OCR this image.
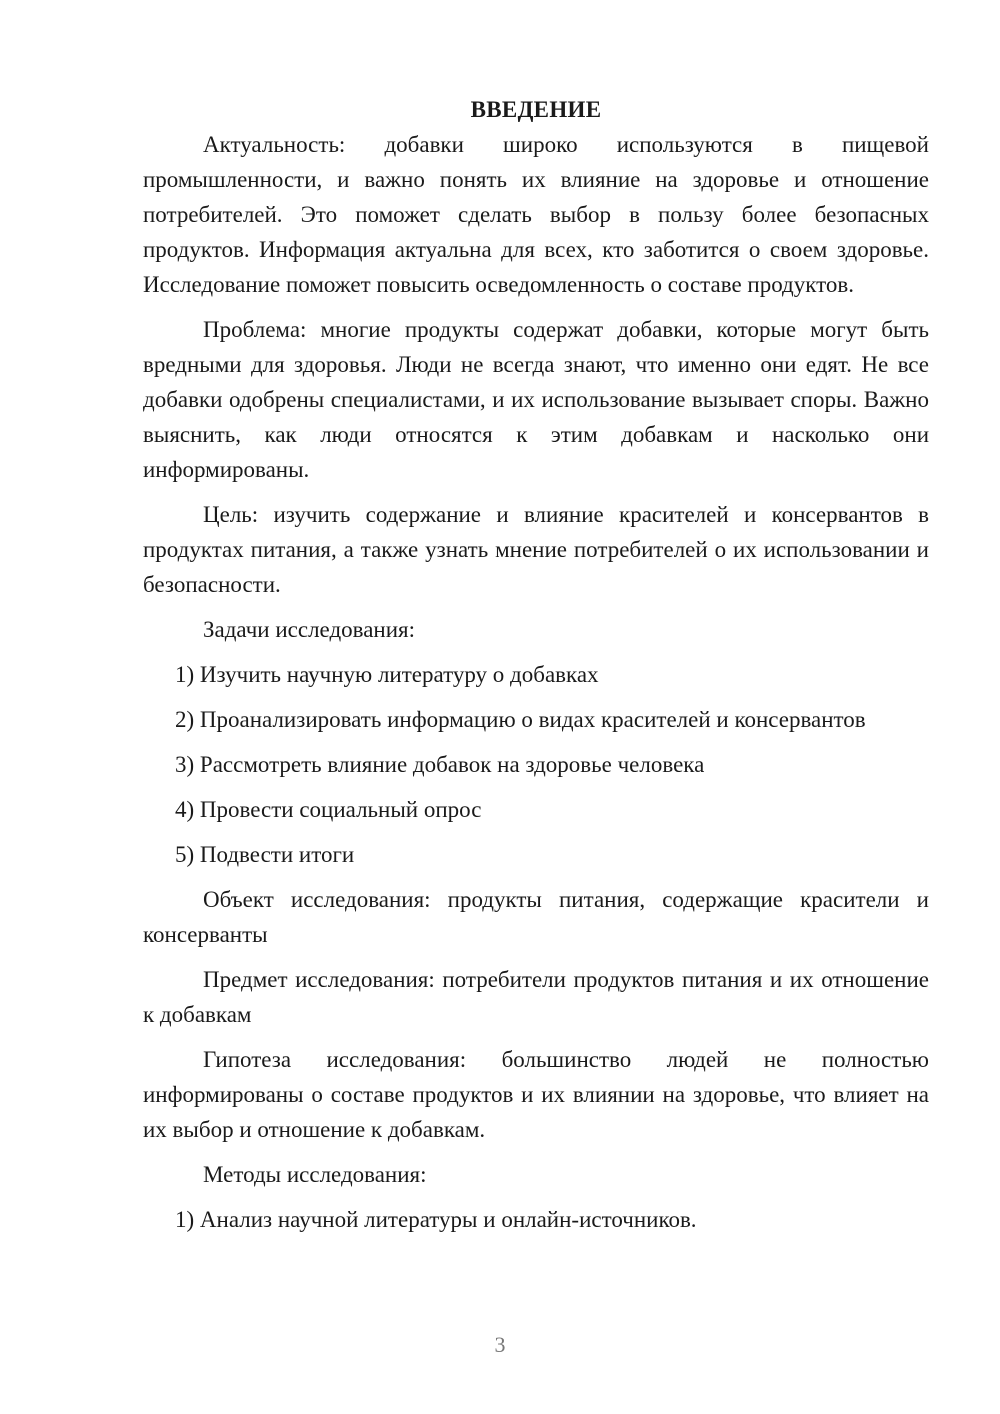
ВВЕДЕНИЕ

Актуальность: добавки широко используются в пищевой промышленности, и важно понять их влияние на здоровье и отношение потребителей. Это поможет сделать выбор в пользу более безопасных продуктов. Информация актуальна для всех, кто заботится о своем здоровье. Исследование поможет повысить осведомленность о составе продуктов.

Проблема: многие продукты содержат добавки, которые могут быть вредными для здоровья. Люди не всегда знают, что именно они едят. Не все добавки одобрены специалистами, и их использование вызывает споры. Важно выяснить, как люди относятся к этим добавкам и насколько они информированы.

Цель: изучить содержание и влияние красителей и консервантов в продуктах питания, а также узнать мнение потребителей о их использовании и безопасности.

Задачи исследования:

1) Изучить научную литературу о добавках
2) Проанализировать информацию о видах красителей и консервантов
3) Рассмотреть влияние добавок на здоровье человека
4) Провести социальный опрос
5) Подвести итоги

Объект исследования: продукты питания, содержащие красители и консерванты

Предмет исследования: потребители продуктов питания и их отношение к добавкам

Гипотеза исследования: большинство людей не полностью информированы о составе продуктов и их влиянии на здоровье, что влияет на их выбор и отношение к добавкам.

Методы исследования:

1) Анализ научной литературы и онлайн-источников.
3
